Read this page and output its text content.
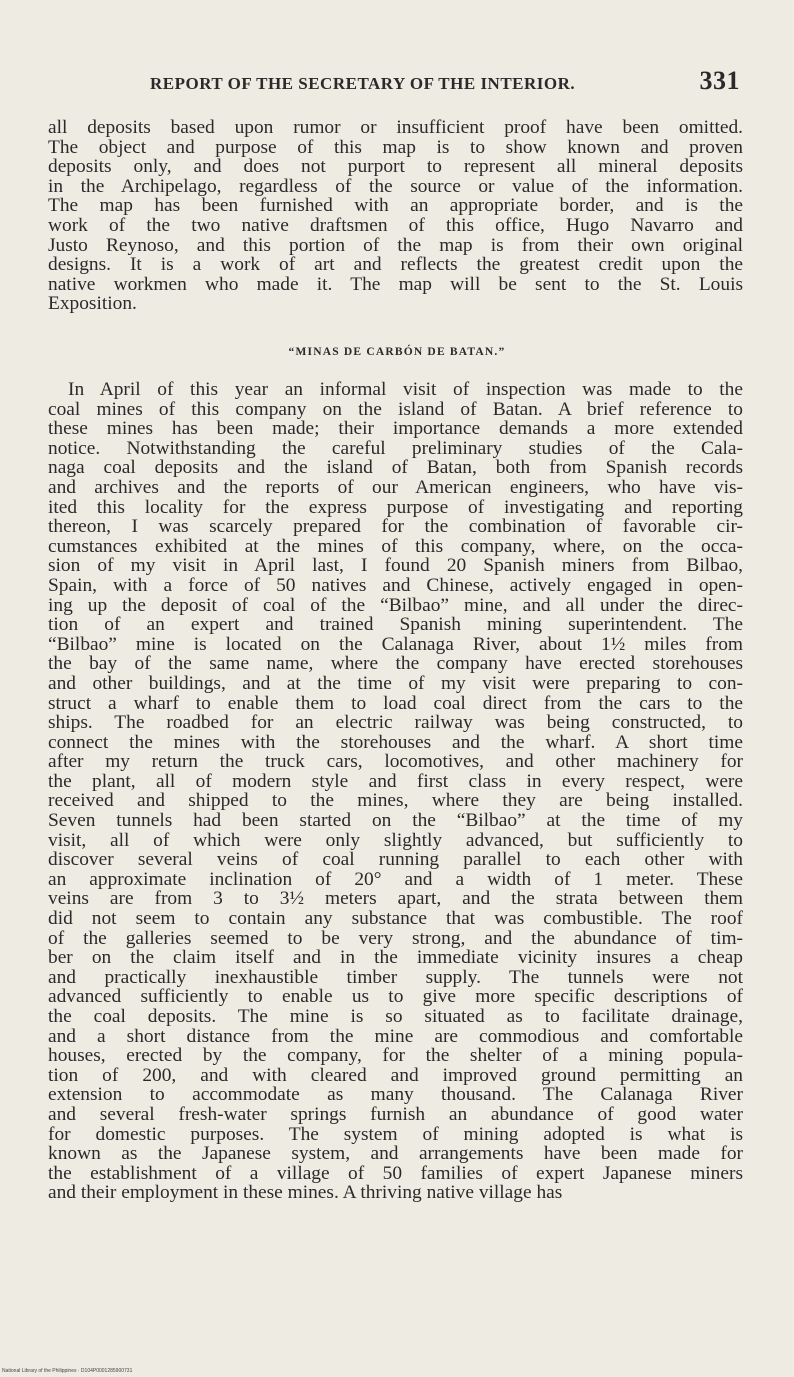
REPORT OF THE SECRETARY OF THE INTERIOR.	331
all deposits based upon rumor or insufficient proof have been omitted.
The object and purpose of this map is to show known and proven
deposits only, and does not purport to represent all mineral deposits
in the Archipelago, regardless of the source or value of the information.
The map has been furnished with an appropriate border, and is the
work of the two native draftsmen of this office, Hugo Navarro and
Justo Reynoso, and this portion of the map is from their own original
designs. It is a work of art and reflects the greatest credit upon the
native workmen who made it. The map will be sent to the St. Louis
Exposition.
“MINAS DE CARBÓN DE BATAN.”
In April of this year an informal visit of inspection was made to the
coal mines of this company on the island of Batan. A brief reference to
these mines has been made; their importance demands a more extended
notice. Notwithstanding the careful preliminary studies of the Cala-
naga coal deposits and the island of Batan, both from Spanish records
and archives and the reports of our American engineers, who have vis-
ited this locality for the express purpose of investigating and reporting
thereon, I was scarcely prepared for the combination of favorable cir-
cumstances exhibited at the mines of this company, where, on the occa-
sion of my visit in April last, I found 20 Spanish miners from Bilbao,
Spain, with a force of 50 natives and Chinese, actively engaged in open-
ing up the deposit of coal of the “Bilbao” mine, and all under the direc-
tion of an expert and trained Spanish mining superintendent. The
“Bilbao” mine is located on the Calanaga River, about 1½ miles from
the bay of the same name, where the company have erected storehouses
and other buildings, and at the time of my visit were preparing to con-
struct a wharf to enable them to load coal direct from the cars to the
ships. The roadbed for an electric railway was being constructed, to
connect the mines with the storehouses and the wharf. A short time
after my return the truck cars, locomotives, and other machinery for
the plant, all of modern style and first class in every respect, were
received and shipped to the mines, where they are being installed.
Seven tunnels had been started on the “Bilbao” at the time of my
visit, all of which were only slightly advanced, but sufficiently to
discover several veins of coal running parallel to each other with
an approximate inclination of 20° and a width of 1 meter. These
veins are from 3 to 3½ meters apart, and the strata between them
did not seem to contain any substance that was combustible. The roof
of the galleries seemed to be very strong, and the abundance of tim-
ber on the claim itself and in the immediate vicinity insures a cheap
and practically inexhaustible timber supply. The tunnels were not
advanced sufficiently to enable us to give more specific descriptions of
the coal deposits. The mine is so situated as to facilitate drainage,
and a short distance from the mine are commodious and comfortable
houses, erected by the company, for the shelter of a mining popula-
tion of 200, and with cleared and improved ground permitting an
extension to accommodate as many thousand. The Calanaga River
and several fresh-water springs furnish an abundance of good water
for domestic purposes. The system of mining adopted is what is
known as the Japanese system, and arrangements have been made for
the establishment of a village of 50 families of expert Japanese miners
and their employment in these mines. A thriving native village has
National Library of the Philippines · D104P0001285900731
